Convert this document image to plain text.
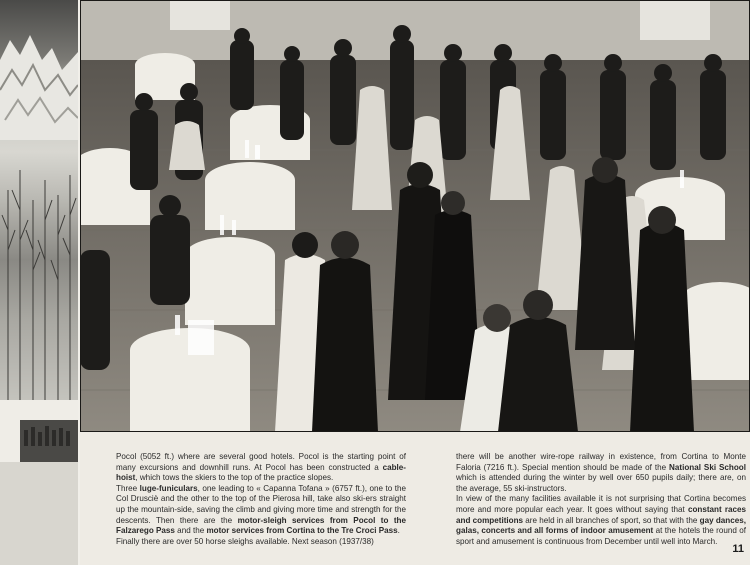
Pocol (5052 ft.) where are several good hotels. Pocol is the starting point of many excursions and downhill runs. At Pocol has been constructed a cable-hoist, which tows the skiers to the top of the practice slopes.

Three luge-funiculars, one leading to « Capanna Tofana » (6757 ft.), one to the Col Drusciè and the other to the top of the Pierosa hill, take also ski-ers straight up the mountain-side, saving the climb and giving more time and strength for the descents. Then there are the motor-sleigh services from Pocol to the Falzarego Pass and the motor services from Cortina to the Tre Croci Pass.

Finally there are over 50 horse sleighs available. Next season (1937/38)

there will be another wire-rope railway in existence, from Cortina to Monte Faloria (7216 ft.). Special mention should be made of the National Ski School which is attended during the winter by well over 650 pupils daily; there are, on the average, 55 ski-instructors.

In view of the many facilities available it is not surprising that Cortina becomes more and more popular each year. It goes without saying that constant races and competitions are held in all branches of sport, so that with the gay dances, galas, concerts and all forms of indoor amusement at the hotels the round of sport and amusement is continuous from December until well into March.

11
